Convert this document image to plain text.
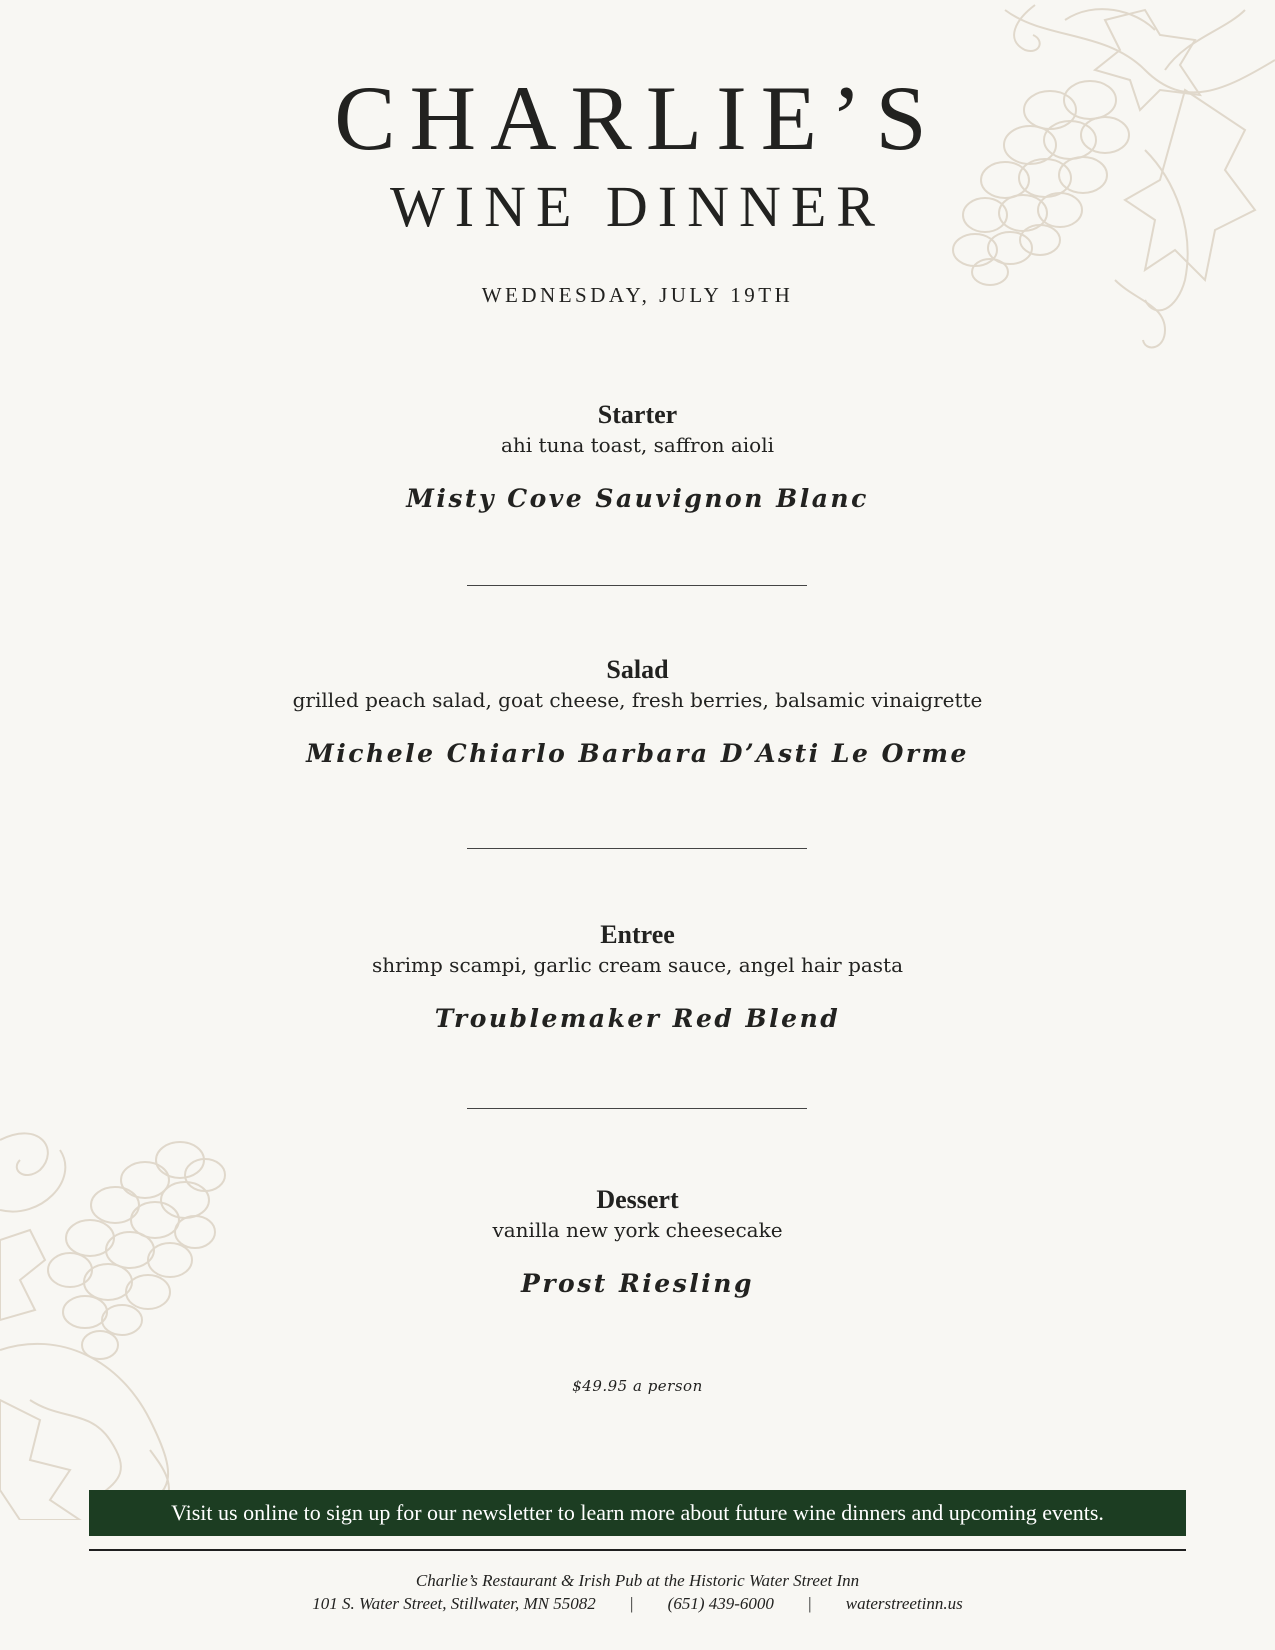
CHARLIE’S
WINE DINNER
WEDNESDAY, JULY 19TH
Starter
ahi tuna toast, saffron aioli
Misty Cove Sauvignon Blanc
Salad
grilled peach salad, goat cheese, fresh berries, balsamic vinaigrette
Michele Chiarlo Barbara D’Asti Le Orme
Entree
shrimp scampi, garlic cream sauce, angel hair pasta
Troublemaker Red Blend
Dessert
vanilla new york cheesecake
Prost Riesling
$49.95 a person
Visit us online to sign up for our newsletter to learn more about future wine dinners and upcoming events.
Charlie’s Restaurant & Irish Pub at the Historic Water Street Inn
101 S. Water Street, Stillwater, MN 55082 | (651) 439-6000 | waterstreetinn.us
